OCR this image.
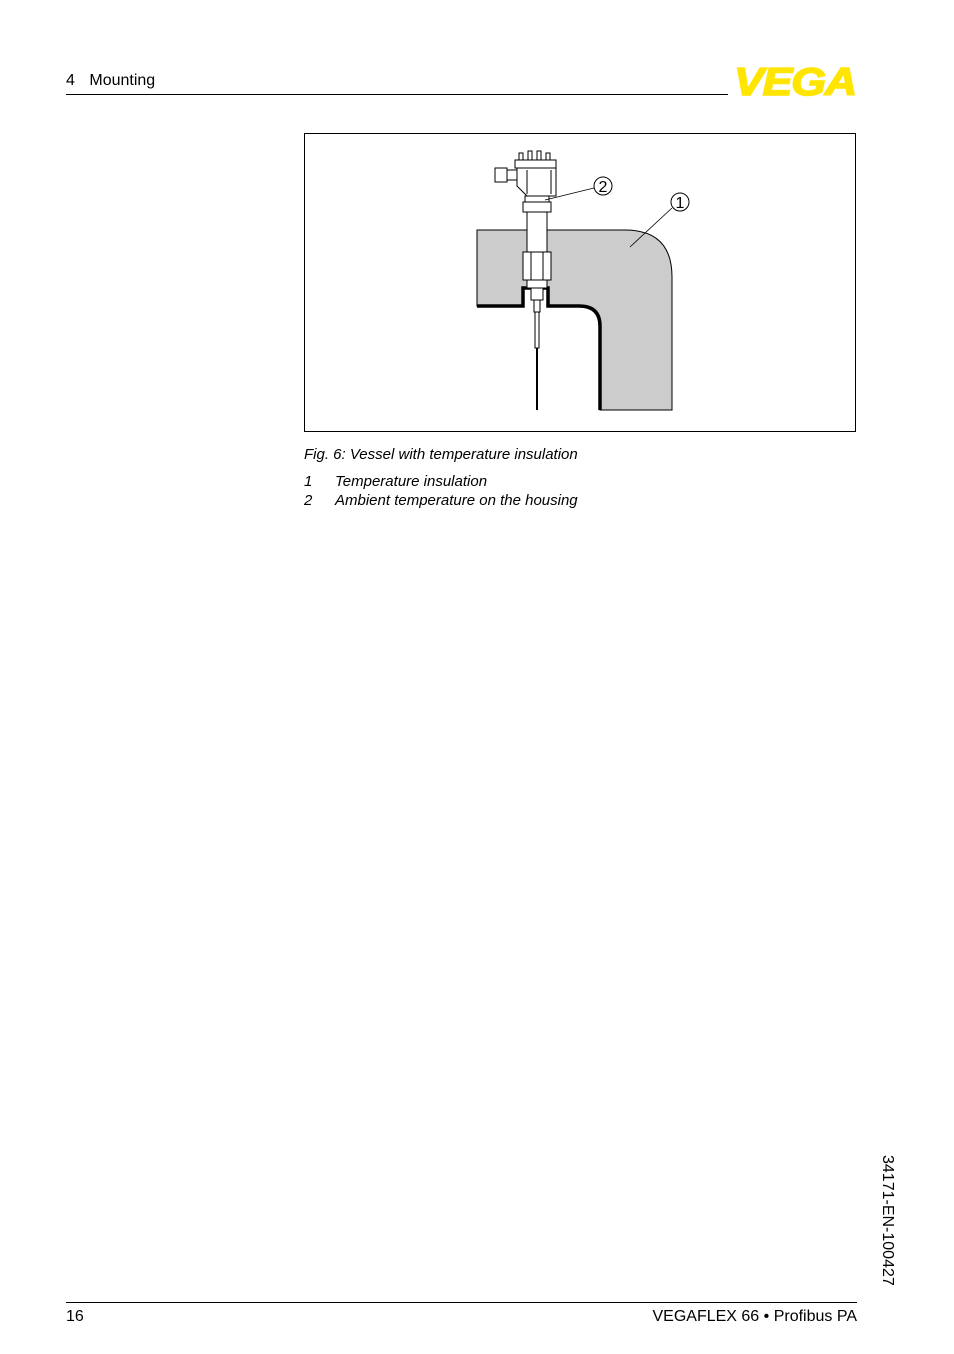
4 Mounting	VEGA
2
1
Fig. 6: Vessel with temperature insulation
1	Temperature insulation
2	Ambient temperature on the housing
34171-EN-100427
16	VEGAFLEX 66 • Profibus PA
